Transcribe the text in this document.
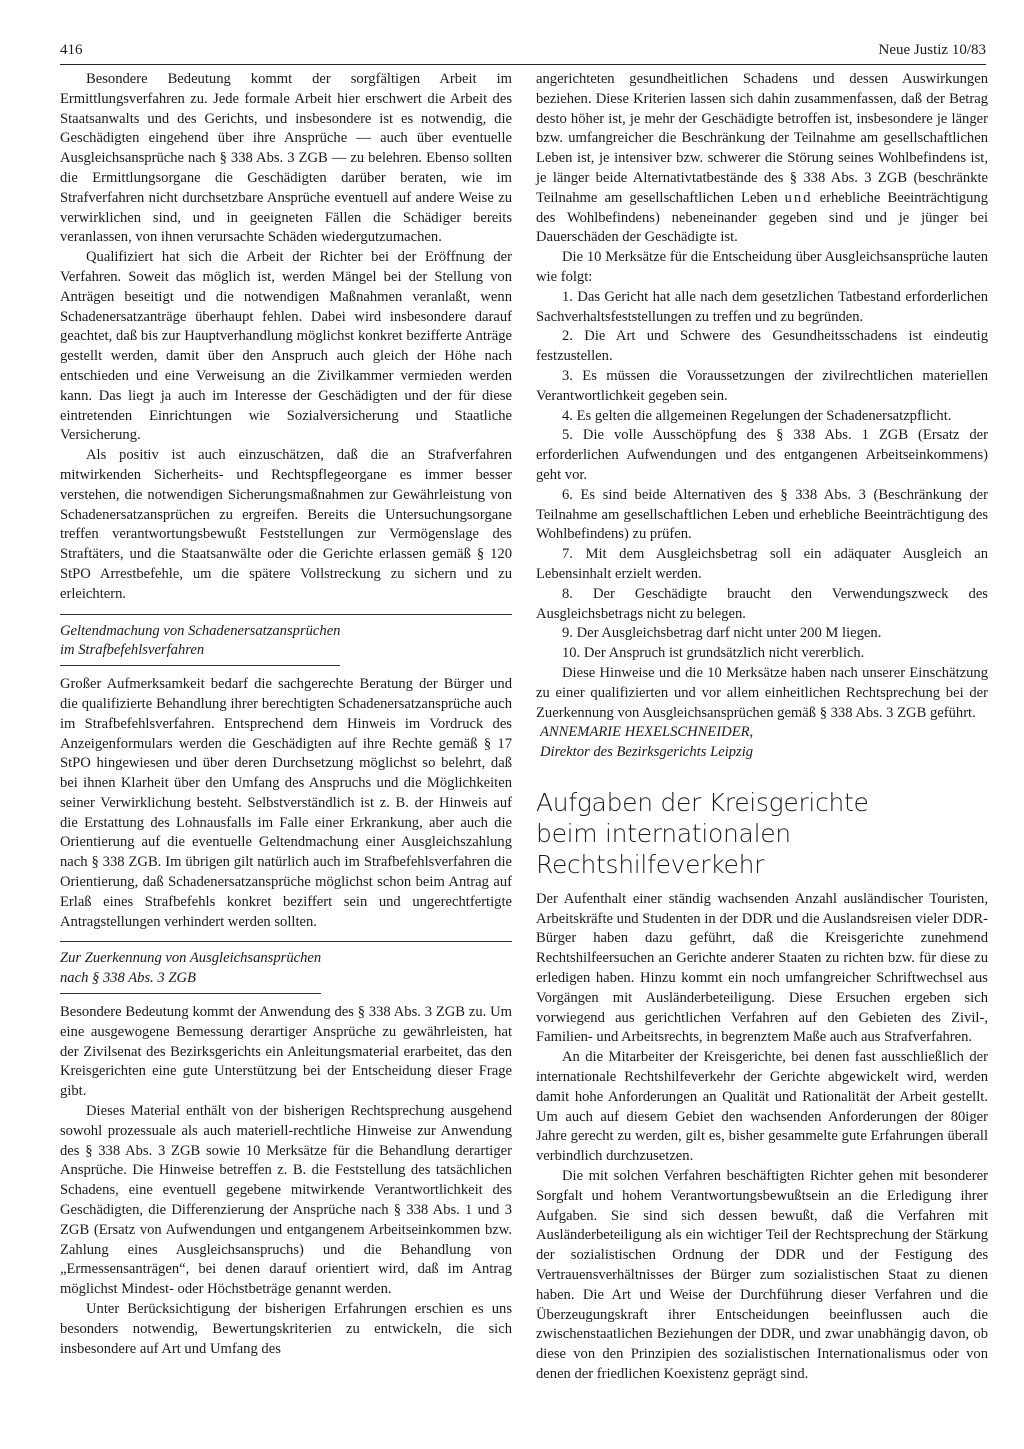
416	Neue Justiz 10/83

Besondere Bedeutung kommt der sorgfältigen Arbeit im Ermittlungsverfahren zu. Jede formale Arbeit hier erschwert die Arbeit des Staatsanwalts und des Gerichts, und insbesondere ist es notwendig, die Geschädigten eingehend über ihre Ansprüche — auch über eventuelle Ausgleichsansprüche nach § 338 Abs. 3 ZGB — zu belehren. Ebenso sollten die Ermittlungsorgane die Geschädigten darüber beraten, wie im Strafverfahren nicht durchsetzbare Ansprüche eventuell auf andere Weise zu verwirklichen sind, und in geeigneten Fällen die Schädiger bereits veranlassen, von ihnen verursachte Schäden wiedergutzumachen.

Qualifiziert hat sich die Arbeit der Richter bei der Eröffnung der Verfahren. Soweit das möglich ist, werden Mängel bei der Stellung von Anträgen beseitigt und die notwendigen Maßnahmen veranlaßt, wenn Schadenersatzanträge überhaupt fehlen. Dabei wird insbesondere darauf geachtet, daß bis zur Hauptverhandlung möglichst konkret bezifferte Anträge gestellt werden, damit über den Anspruch auch gleich der Höhe nach entschieden und eine Verweisung an die Zivilkammer vermieden werden kann. Das liegt ja auch im Interesse der Geschädigten und der für diese eintretenden Einrichtungen wie Sozialversicherung und Staatliche Versicherung.

Als positiv ist auch einzuschätzen, daß die an Strafverfahren mitwirkenden Sicherheits- und Rechtspflegeorgane es immer besser verstehen, die notwendigen Sicherungsmaßnahmen zur Gewährleistung von Schadenersatzansprüchen zu ergreifen. Bereits die Untersuchungsorgane treffen verantwortungsbewußt Feststellungen zur Vermögenslage des Straftäters, und die Staatsanwälte oder die Gerichte erlassen gemäß § 120 StPO Arrestbefehle, um die spätere Vollstreckung zu sichern und zu erleichtern.

Geltendmachung von Schadenersatzansprüchen
im Strafbefehlsverfahren

Großer Aufmerksamkeit bedarf die sachgerechte Beratung der Bürger und die qualifizierte Behandlung ihrer berechtigten Schadenersatzansprüche auch im Strafbefehlsverfahren. Entsprechend dem Hinweis im Vordruck des Anzeigenformulars werden die Geschädigten auf ihre Rechte gemäß § 17 StPO hingewiesen und über deren Durchsetzung möglichst so belehrt, daß bei ihnen Klarheit über den Umfang des Anspruchs und die Möglichkeiten seiner Verwirklichung besteht. Selbstverständlich ist z. B. der Hinweis auf die Erstattung des Lohnausfalls im Falle einer Erkrankung, aber auch die Orientierung auf die eventuelle Geltendmachung einer Ausgleichszahlung nach § 338 ZGB. Im übrigen gilt natürlich auch im Strafbefehlsverfahren die Orientierung, daß Schadenersatzansprüche möglichst schon beim Antrag auf Erlaß eines Strafbefehls konkret beziffert sein und ungerechtfertigte Antragstellungen verhindert werden sollten.

Zur Zuerkennung von Ausgleichsansprüchen
nach § 338 Abs. 3 ZGB

Besondere Bedeutung kommt der Anwendung des § 338 Abs. 3 ZGB zu. Um eine ausgewogene Bemessung derartiger Ansprüche zu gewährleisten, hat der Zivilsenat des Bezirksgerichts ein Anleitungsmaterial erarbeitet, das den Kreisgerichten eine gute Unterstützung bei der Entscheidung dieser Frage gibt.

Dieses Material enthält von der bisherigen Rechtsprechung ausgehend sowohl prozessuale als auch materiell-rechtliche Hinweise zur Anwendung des § 338 Abs. 3 ZGB sowie 10 Merksätze für die Behandlung derartiger Ansprüche. Die Hinweise betreffen z. B. die Feststellung des tatsächlichen Schadens, eine eventuell gegebene mitwirkende Verantwortlichkeit des Geschädigten, die Differenzierung der Ansprüche nach § 338 Abs. 1 und 3 ZGB (Ersatz von Aufwendungen und entgangenem Arbeitseinkommen bzw. Zahlung eines Ausgleichsanspruchs) und die Behandlung von „Ermessensanträgen“, bei denen darauf orientiert wird, daß im Antrag möglichst Mindest- oder Höchstbeträge genannt werden.

Unter Berücksichtigung der bisherigen Erfahrungen erschien es uns besonders notwendig, Bewertungskriterien zu entwickeln, die sich insbesondere auf Art und Umfang des

angerichteten gesundheitlichen Schadens und dessen Auswirkungen beziehen. Diese Kriterien lassen sich dahin zusammenfassen, daß der Betrag desto höher ist, je mehr der Geschädigte betroffen ist, insbesondere je länger bzw. umfangreicher die Beschränkung der Teilnahme am gesellschaftlichen Leben ist, je intensiver bzw. schwerer die Störung seines Wohlbefindens ist, je länger beide Alternativtatbestände des § 338 Abs. 3 ZGB (beschränkte Teilnahme am gesellschaftlichen Leben und erhebliche Beeinträchtigung des Wohlbefindens) nebeneinander gegeben sind und je jünger bei Dauerschäden der Geschädigte ist.

Die 10 Merksätze für die Entscheidung über Ausgleichsansprüche lauten wie folgt:

1. Das Gericht hat alle nach dem gesetzlichen Tatbestand erforderlichen Sachverhaltsfeststellungen zu treffen und zu begründen.

2. Die Art und Schwere des Gesundheitsschadens ist eindeutig festzustellen.

3. Es müssen die Voraussetzungen der zivilrechtlichen materiellen Verantwortlichkeit gegeben sein.

4. Es gelten die allgemeinen Regelungen der Schadenersatzpflicht.

5. Die volle Ausschöpfung des § 338 Abs. 1 ZGB (Ersatz der erforderlichen Aufwendungen und des entgangenen Arbeitseinkommens) geht vor.

6. Es sind beide Alternativen des § 338 Abs. 3 (Beschränkung der Teilnahme am gesellschaftlichen Leben und erhebliche Beeinträchtigung des Wohlbefindens) zu prüfen.

7. Mit dem Ausgleichsbetrag soll ein adäquater Ausgleich an Lebensinhalt erzielt werden.

8. Der Geschädigte braucht den Verwendungszweck des Ausgleichsbetrags nicht zu belegen.

9. Der Ausgleichsbetrag darf nicht unter 200 M liegen.

10. Der Anspruch ist grundsätzlich nicht vererblich.

Diese Hinweise und die 10 Merksätze haben nach unserer Einschätzung zu einer qualifizierten und vor allem einheitlichen Rechtsprechung bei der Zuerkennung von Ausgleichsansprüchen gemäß § 338 Abs. 3 ZGB geführt.

ANNEMARIE HEXELSCHNEIDER,
Direktor des Bezirksgerichts Leipzig
Aufgaben der Kreisgerichte
beim internationalen Rechtshilfeverkehr

Der Aufenthalt einer ständig wachsenden Anzahl ausländischer Touristen, Arbeitskräfte und Studenten in der DDR und die Auslandsreisen vieler DDR-Bürger haben dazu geführt, daß die Kreisgerichte zunehmend Rechtshilfeersuchen an Gerichte anderer Staaten zu richten bzw. für diese zu erledigen haben. Hinzu kommt ein noch umfangreicher Schriftwechsel aus Vorgängen mit Ausländerbeteiligung. Diese Ersuchen ergeben sich vorwiegend aus gerichtlichen Verfahren auf den Gebieten des Zivil-, Familien- und Arbeitsrechts, in begrenztem Maße auch aus Strafverfahren.

An die Mitarbeiter der Kreisgerichte, bei denen fast ausschließlich der internationale Rechtshilfeverkehr der Gerichte abgewickelt wird, werden damit hohe Anforderungen an Qualität und Rationalität der Arbeit gestellt. Um auch auf diesem Gebiet den wachsenden Anforderungen der 80iger Jahre gerecht zu werden, gilt es, bisher gesammelte gute Erfahrungen überall verbindlich durchzusetzen.

Die mit solchen Verfahren beschäftigten Richter gehen mit besonderer Sorgfalt und hohem Verantwortungsbewußtsein an die Erledigung ihrer Aufgaben. Sie sind sich dessen bewußt, daß die Verfahren mit Ausländerbeteiligung als ein wichtiger Teil der Rechtsprechung der Stärkung der sozialistischen Ordnung der DDR und der Festigung des Vertrauensverhältnisses der Bürger zum sozialistischen Staat zu dienen haben. Die Art und Weise der Durchführung dieser Verfahren und die Überzeugungskraft ihrer Entscheidungen beeinflussen auch die zwischenstaatlichen Beziehungen der DDR, und zwar unabhängig davon, ob diese von den Prinzipien des sozialistischen Internationalismus oder von denen der friedlichen Koexistenz geprägt sind.
